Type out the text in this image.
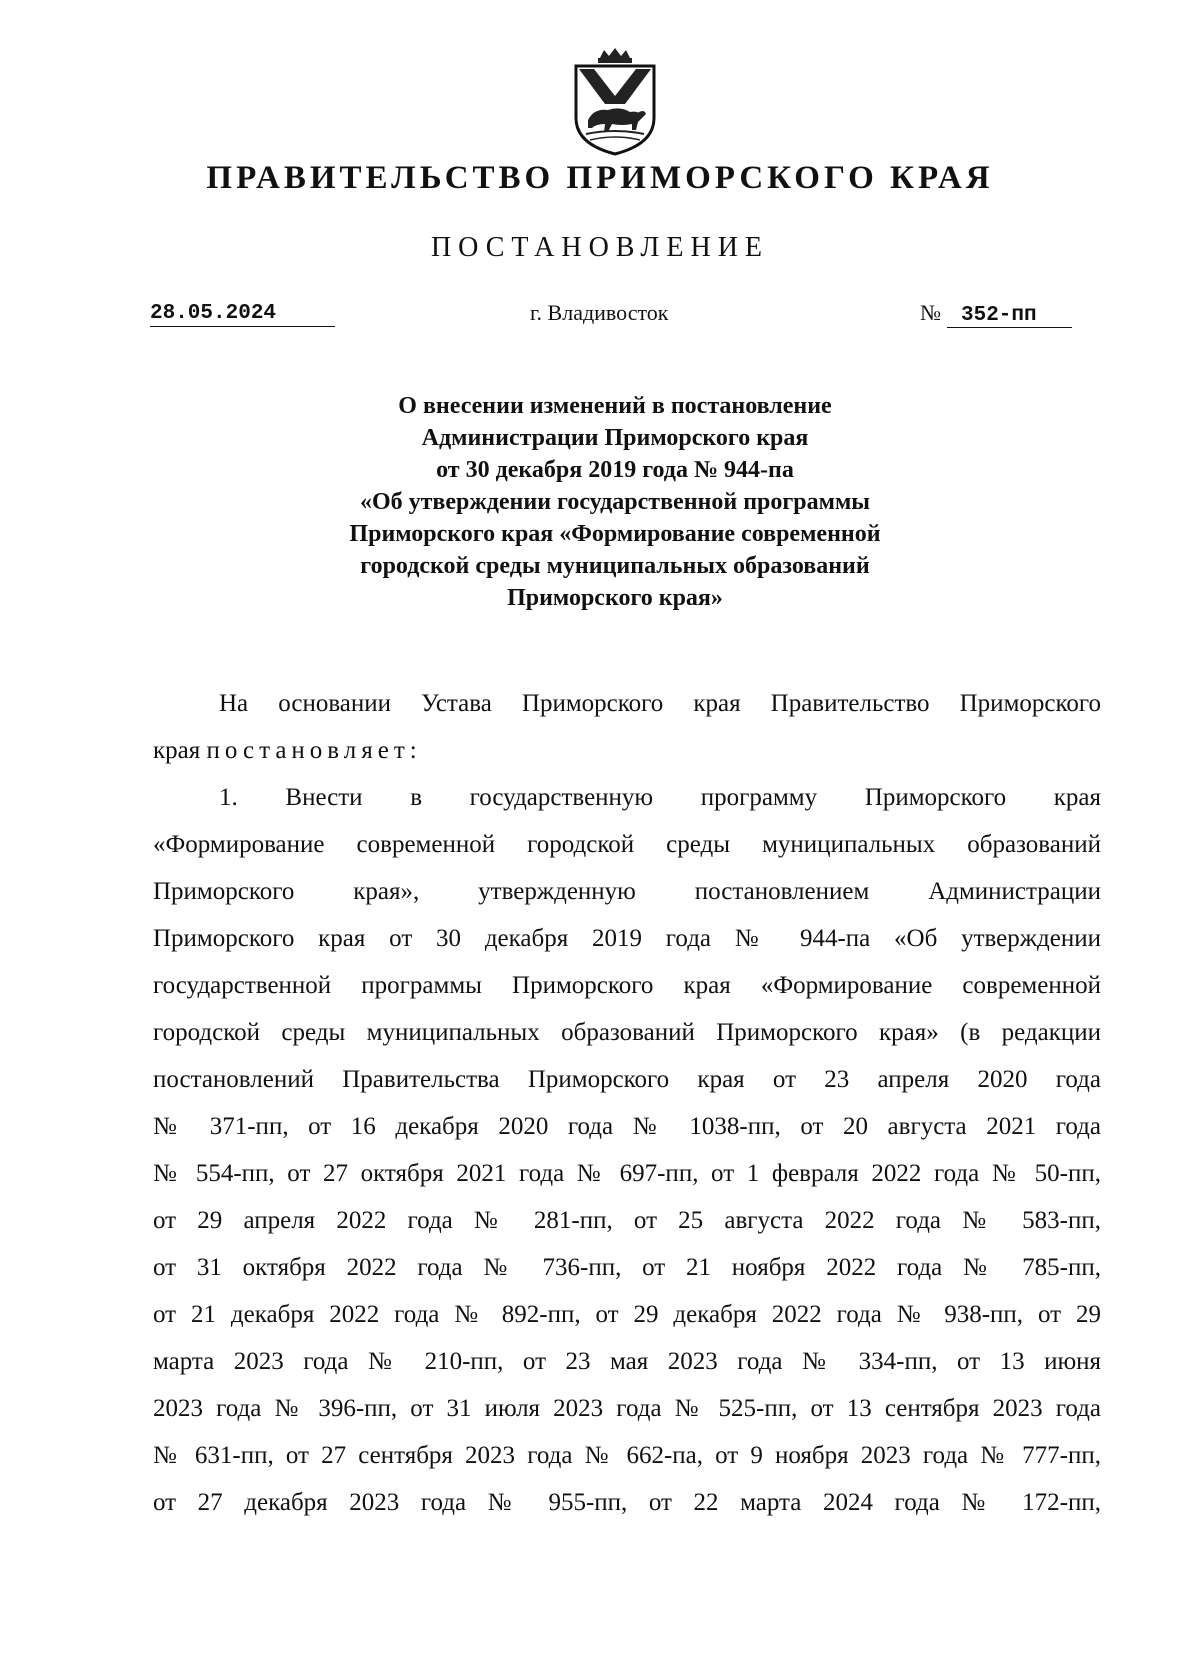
ПРАВИТЕЛЬСТВО ПРИМОРСКОГО КРАЯ
ПОСТАНОВЛЕНИЕ
28.05.2024	г. Владивосток	№ 352-пп
О внесении изменений в постановление
Администрации Приморского края
от 30 декабря 2019 года № 944-па
«Об утверждении государственной программы
Приморского края «Формирование современной
городской среды муниципальных образований
Приморского края»
На основании Устава Приморского края Правительство Приморского
края постановляет:
1. Внести в государственную программу Приморского края
«Формирование современной городской среды муниципальных образований
Приморского края», утвержденную постановлением Администрации
Приморского края от 30 декабря 2019 года № 944-па «Об утверждении
государственной программы Приморского края «Формирование современной
городской среды муниципальных образований Приморского края» (в редакции
постановлений Правительства Приморского края от 23 апреля 2020 года
№ 371-пп, от 16 декабря 2020 года № 1038-пп, от 20 августа 2021 года
№ 554-пп, от 27 октября 2021 года № 697-пп, от 1 февраля 2022 года № 50-пп,
от 29 апреля 2022 года № 281-пп, от 25 августа 2022 года № 583-пп,
от 31 октября 2022 года № 736-пп, от 21 ноября 2022 года № 785-пп,
от 21 декабря 2022 года № 892-пп, от 29 декабря 2022 года № 938-пп, от 29
марта 2023 года № 210-пп, от 23 мая 2023 года № 334-пп, от 13 июня
2023 года № 396-пп, от 31 июля 2023 года № 525-пп, от 13 сентября 2023 года
№ 631-пп, от 27 сентября 2023 года № 662-па, от 9 ноября 2023 года № 777-пп,
от 27 декабря 2023 года № 955-пп, от 22 марта 2024 года № 172-пп,
